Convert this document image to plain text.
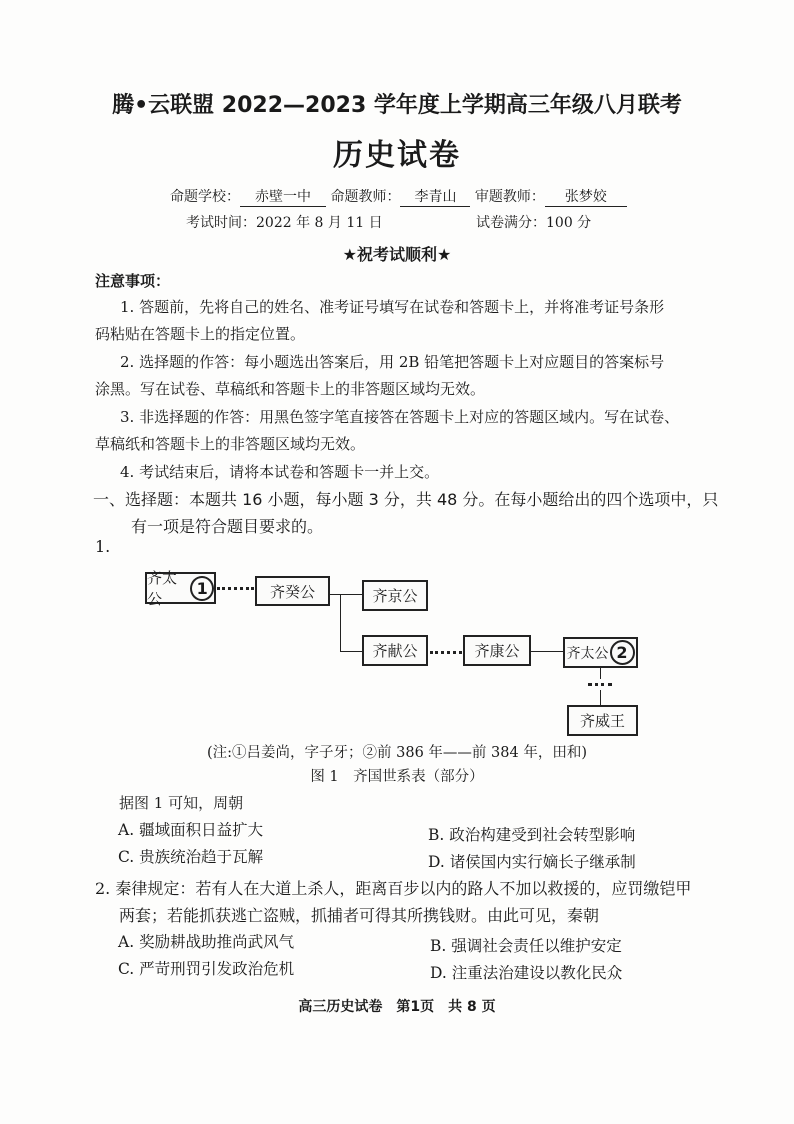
腾•云联盟 2022—2023 学年度上学期高三年级八月联考
历史试卷
命题学校： 赤壁一中 命题教师： 李青山 审题教师： 张梦姣
考试时间：2022 年 8 月 11 日	试卷满分：100 分
★祝考试顺利★
注意事项：
1. 答题前，先将自己的姓名、准考证号填写在试卷和答题卡上，并将准考证号条形
码粘贴在答题卡上的指定位置。
2. 选择题的作答：每小题选出答案后，用 2B 铅笔把答题卡上对应题目的答案标号
涂黑。写在试卷、草稿纸和答题卡上的非答题区域均无效。
3. 非选择题的作答：用黑色签字笔直接答在答题卡上对应的答题区域内。写在试卷、
草稿纸和答题卡上的非答题区域均无效。
4. 考试结束后，请将本试卷和答题卡一并上交。
一、选择题：本题共 16 小题，每小题 3 分，共 48 分。在每小题给出的四个选项中，只
有一项是符合题目要求的。
1.
齐太公
1	齐癸公	齐京公
齐献公	齐康公	齐太公 2
齐威王
(注:①吕姜尚，字子牙；②前 386 年——前 384 年，田和)
图 1　齐国世系表（部分）
据图 1 可知，周朝
A. 疆域面积日益扩大	B. 政治构建受到社会转型影响
C. 贵族统治趋于瓦解	D. 诸侯国内实行嫡长子继承制
2. 秦律规定：若有人在大道上杀人，距离百步以内的路人不加以救援的，应罚缴铠甲
两套；若能抓获逃亡盗贼，抓捕者可得其所携钱财。由此可见，秦朝
A. 奖励耕战助推尚武风气	B. 强调社会责任以维护安定
C. 严苛刑罚引发政治危机	D. 注重法治建设以教化民众
高三历史试卷　第1页　共 8 页
